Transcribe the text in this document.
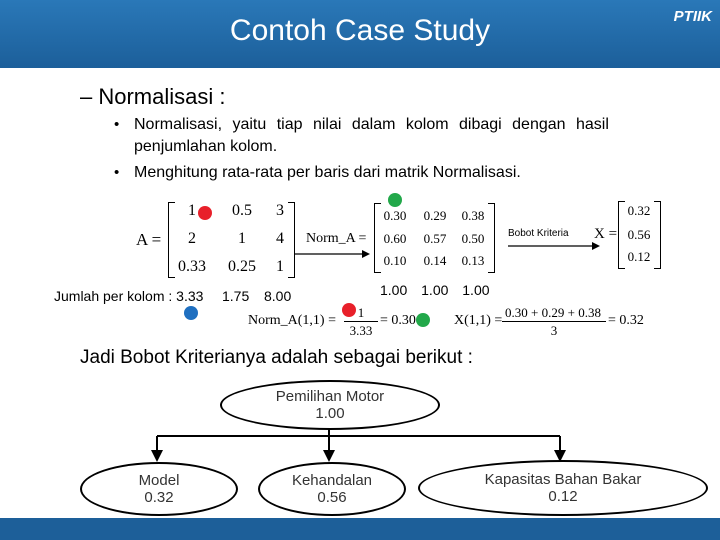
Contoh Case Study	PTIIK
– Normalisasi :
• Normalisasi, yaitu tiap nilai dalam kolom dibagi dengan hasil
penjumlahan kolom.
• Menghitung rata-rata per baris dari matrik Normalisasi.
A =
1	0.5	3
2	1	4
0.33	0.25	1
Jumlah per kolom : 3.33 1.75 8.00
Norm_A =
0.30	0.29	0.38
0.60	0.57	0.50
0.10	0.14	0.13
1.00 1.00 1.00
Bobot Kriteria X =
0.32
0.56
0.12
Norm_A(1,1) =
1
3.33
= 0.30	X(1,1) =
0.30 + 0.29 + 0.38
3
= 0.32
Jadi Bobot Kriterianya adalah sebagai berikut :
Pemilihan Motor
1.00
Model
0.32
Kehandalan
0.56
Kapasitas Bahan Bakar
0.12
